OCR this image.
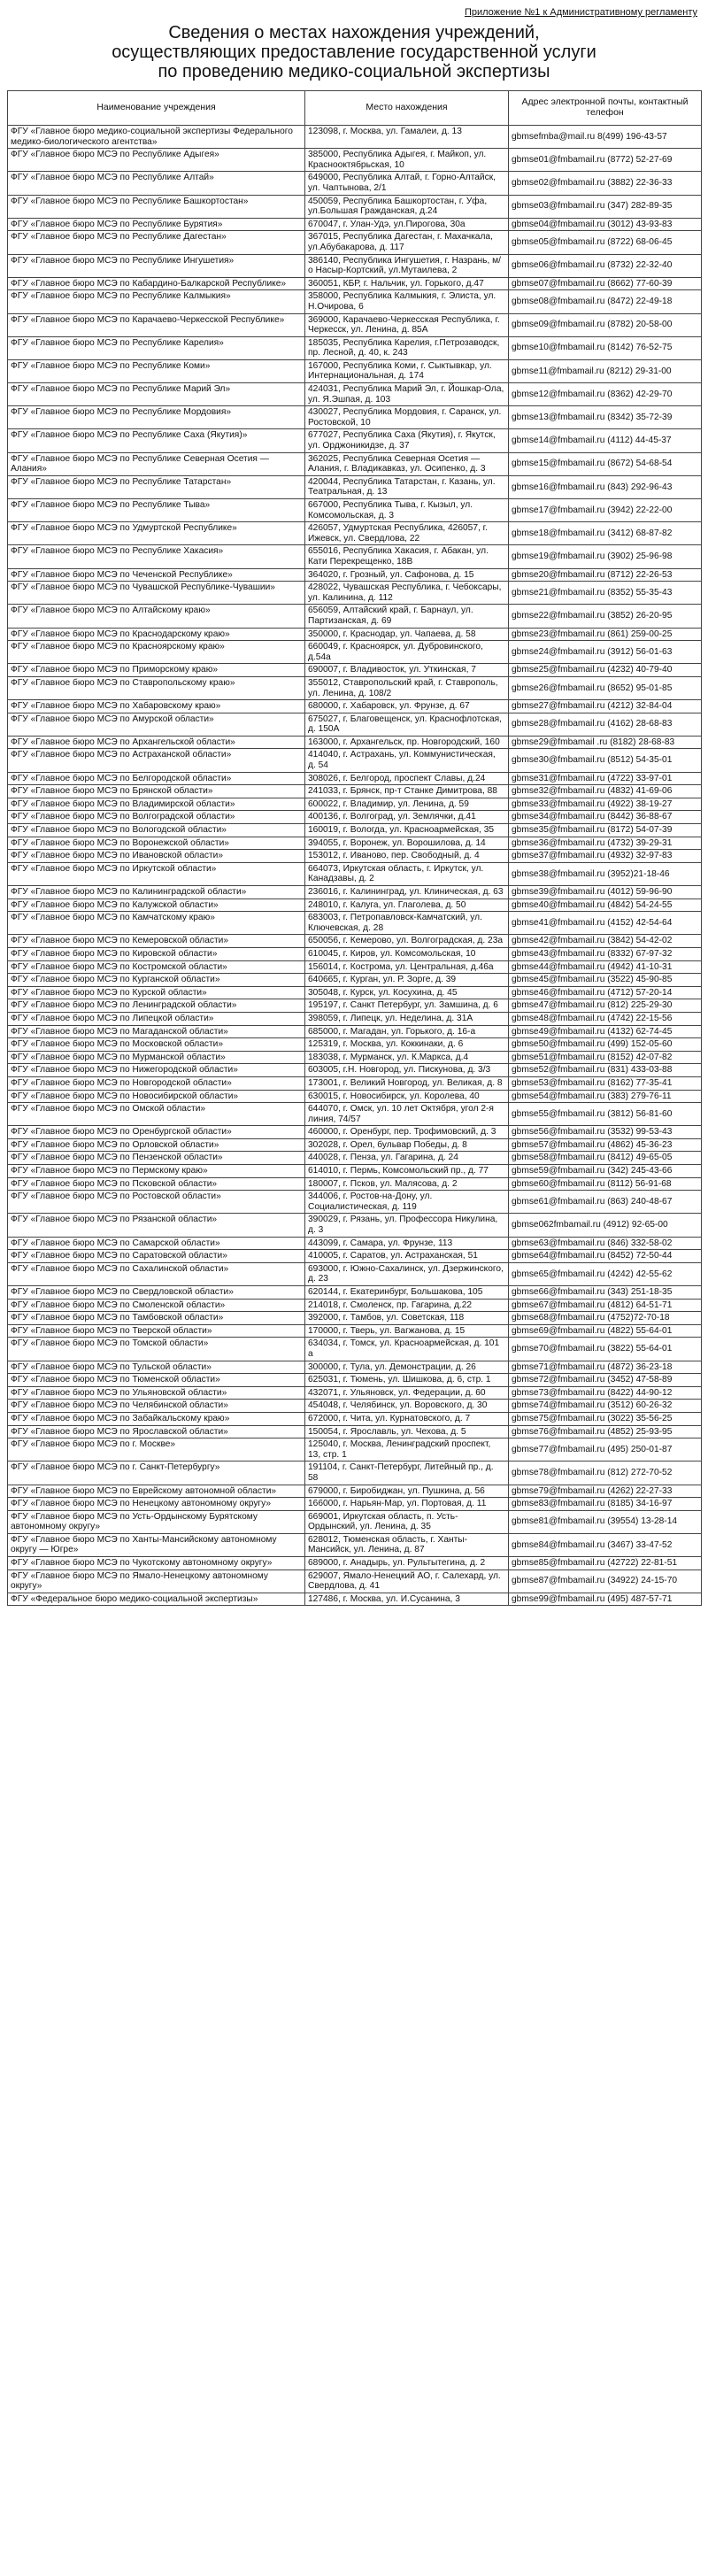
Приложение №1 к Административному регламенту
Сведения о местах нахождения учреждений,
осуществляющих предоставление государственной услуги
по проведению медико-социальной экспертизы
Наименование учреждения	Место нахождения	Адрес электронной почты, контактный телефон
ФГУ «Главное бюро медико-социальной экспертизы Федерального медико-биологического агентства»	123098, г. Москва, ул. Гамалеи, д. 13	gbmsefmba@mail.ru 8(499) 196-43-57
ФГУ «Главное бюро МСЭ по Республике Адыгея»	385000, Республика Адыгея, г. Майкоп, ул. Краснооктябрьская, 10	gbmse01@fmbamail.ru (8772) 52-27-69
ФГУ «Главное бюро МСЭ по Республике Алтай»	649000, Республика Алтай, г. Горно-Алтайск, ул. Чаптынова, 2/1	gbmse02@fmbamail.ru (3882) 22-36-33
ФГУ «Главное бюро МСЭ по Республике Башкортостан»	450059, Республика Башкортостан, г. Уфа, ул.Большая Гражданская, д.24	gbmse03@fmbamail.ru (347) 282-89-35
ФГУ «Главное бюро МСЭ по Республике Бурятия»	670047, г. Улан-Удэ, ул.Пирогова, 30а	gbmse04@fmbamail.ru (3012) 43-93-83
ФГУ «Главное бюро МСЭ по Республике Дагестан»	367015, Республика Дагестан, г. Махачкала, ул.Абубакарова, д. 117	gbmse05@fmbamail.ru (8722) 68-06-45
ФГУ «Главное бюро МСЭ по Республике Ингушетия»	386140, Республика Ингушетия, г. Назрань, м/о Насыр-Кортский, ул.Мутаилева, 2	gbmse06@fmbamail.ru (8732) 22-32-40
ФГУ «Главное бюро МСЭ по Кабардино-Балкарской Республике»	360051, КБР, г. Нальчик, ул. Горького, д.47	gbmse07@fmbamail.ru (8662) 77-60-39
ФГУ «Главное бюро МСЭ по Республике Калмыкия»	358000, Республика Калмыкия, г. Элиста, ул. Н.Очирова, 6	gbmse08@fmbamail.ru (8472) 22-49-18
ФГУ «Главное бюро МСЭ по Карачаево-Черкесской Республике»	369000, Карачаево-Черкесская Республика, г. Черкесск, ул. Ленина, д. 85А	gbmse09@fmbamail.ru (8782) 20-58-00
ФГУ «Главное бюро МСЭ по Республике Карелия»	185035, Республика Карелия, г.Петрозаводск, пр. Лесной, д. 40, к. 243	gbmse10@fmbamail.ru (8142) 76-52-75
ФГУ «Главное бюро МСЭ по Республике Коми»	167000, Республика Коми, г. Сыктывкар, ул. Интернациональная, д. 174	gbmse11@fmbamail.ru (8212) 29-31-00
ФГУ «Главное бюро МСЭ по Республике Марий Эл»	424031, Республика Марий Эл, г. Йошкар-Ола, ул. Я.Эшпая, д. 103	gbmse12@fmbamail.ru (8362) 42-29-70
ФГУ «Главное бюро МСЭ по Республике Мордовия»	430027, Республика Мордовия, г. Саранск, ул. Ростовской, 10	gbmse13@fmbamail.ru (8342) 35-72-39
ФГУ «Главное бюро МСЭ по Республике Саха (Якутия)»	677027, Республика Саха (Якутия), г. Якутск, ул. Орджоникидзе, д. 37	gbmse14@fmbamail.ru (4112) 44-45-37
ФГУ «Главное бюро МСЭ по Республике Северная Осетия — Алания»	362025, Республика Северная Осетия — Алания, г. Владикавказ, ул. Осипенко, д. 3	gbmse15@fmbamail.ru (8672) 54-68-54
ФГУ «Главное бюро МСЭ по Республике Татарстан»	420044, Республика Татарстан, г. Казань, ул. Театральная, д. 13	gbmse16@fmbamail.ru (843) 292-96-43
ФГУ «Главное бюро МСЭ по Республике Тыва»	667000, Республика Тыва, г. Кызыл, ул. Комсомольская, д. 3	gbmse17@fmbamail.ru (3942) 22-22-00
ФГУ «Главное бюро МСЭ по Удмуртской Республике»	426057, Удмуртская Республика, 426057, г. Ижевск, ул. Свердлова, 22	gbmse18@fmbamail.ru (3412) 68-87-82
ФГУ «Главное бюро МСЭ по Республике Хакасия»	655016, Республика Хакасия, г. Абакан, ул. Кати Перекрещенко, 18В	gbmse19@fmbamail.ru (3902) 25-96-98
ФГУ «Главное бюро МСЭ по Чеченской Республике»	364020, г. Грозный, ул. Сафонова, д. 15	gbmse20@fmbamail.ru (8712) 22-26-53
ФГУ «Главное бюро МСЭ по Чувашской Республике-Чувашии»	428022, Чувашская Республика, г. Чебоксары, ул. Калинина, д. 112	gbmse21@fmbamail.ru (8352) 55-35-43
ФГУ «Главное бюро МСЭ по Алтайскому краю»	656059, Алтайский край, г. Барнаул, ул. Партизанская, д. 69	gbmse22@fmbamail.ru (3852) 26-20-95
ФГУ «Главное бюро МСЭ по Краснодарскому краю»	350000, г. Краснодар, ул. Чапаева, д. 58	gbmse23@fmbamail.ru (861) 259-00-25
ФГУ «Главное бюро МСЭ по Красноярскому краю»	660049, г. Красноярск, ул. Дубровинского, д.54а	gbmse24@fmbamail.ru (3912) 56-01-63
ФГУ «Главное бюро МСЭ по Приморскому краю»	690007, г. Владивосток, ул. Уткинская, 7	gbmse25@fmbamail.ru (4232) 40-79-40
ФГУ «Главное бюро МСЭ по Ставропольскому краю»	355012, Ставропольский край, г. Ставрополь, ул. Ленина, д. 108/2	gbmse26@fmbamail.ru (8652) 95-01-85
ФГУ «Главное бюро МСЭ по Хабаровскому краю»	680000, г. Хабаровск, ул. Фрунзе, д. 67	gbmse27@fmbamail.ru (4212) 32-84-04
ФГУ «Главное бюро МСЭ по Амурской области»	675027, г. Благовещенск, ул. Краснофлотская, д. 150А	gbmse28@fmbamail.ru (4162) 28-68-83
ФГУ «Главное бюро МСЭ по Архангельской области»	163000, г. Архангельск, пр. Новгородский, 160	gbmse29@fmbamail .ru (8182) 28-68-83
ФГУ «Главное бюро МСЭ по Астраханской области»	414040, г. Астрахань, ул. Коммунистическая, д. 54	gbmse30@fmbamail.ru (8512) 54-35-01
ФГУ «Главное бюро МСЭ по Белгородской области»	308026, г. Белгород, проспект Славы, д.24	gbmse31@fmbamail.ru (4722) 33-97-01
ФГУ «Главное бюро МСЭ по Брянской области»	241033, г. Брянск, пр-т Станке Димитрова, 88	gbmse32@fmbamail.ru (4832) 41-69-06
ФГУ «Главное бюро МСЭ по Владимирской области»	600022, г. Владимир, ул. Ленина, д. 59	gbmse33@fmbamail.ru (4922) 38-19-27
ФГУ «Главное бюро МСЭ по Волгоградской области»	400136, г. Волгоград, ул. Землячки, д.41	gbmse34@fmbamail.ru (8442) 36-88-67
ФГУ «Главное бюро МСЭ по Вологодской области»	160019, г. Вологда, ул. Красноармейская, 35	gbmse35@fmbamail.ru (8172) 54-07-39
ФГУ «Главное бюро МСЭ по Воронежской области»	394055, г. Воронеж, ул. Ворошилова, д. 14	gbmse36@fmbamail.ru (4732) 39-29-31
ФГУ «Главное бюро МСЭ по Ивановской области»	153012, г. Иваново, пер. Свободный, д. 4	gbmse37@fmbamail.ru (4932) 32-97-83
ФГУ «Главное бюро МСЭ по Иркутской области»	664073, Иркутская область, г. Иркутск, ул. Канадзавы, д. 2	gbmse38@fmbamail.ru (3952)21-18-46
ФГУ «Главное бюро МСЭ по Калининградской области»	236016, г. Калининград, ул. Клиническая, д. 63	gbmse39@fmbamail.ru (4012) 59-96-90
ФГУ «Главное бюро МСЭ по Калужской области»	248010, г. Калуга, ул. Глаголева, д. 50	gbmse40@fmbamail.ru (4842) 54-24-55
ФГУ «Главное бюро МСЭ по Камчатскому краю»	683003, г. Петропавловск-Камчатский, ул. Ключевская, д. 28	gbmse41@fmbamail.ru (4152) 42-54-64
ФГУ «Главное бюро МСЭ по Кемеровской области»	650056, г. Кемерово, ул. Волгоградская, д. 23а	gbmse42@fmbamail.ru (3842) 54-42-02
ФГУ «Главное бюро МСЭ по Кировской области»	610045, г. Киров, ул. Комсомольская, 10	gbmse43@fmbamail.ru (8332) 67-97-32
ФГУ «Главное бюро МСЭ по Костромской области»	156014, г. Кострома, ул. Центральная, д.46а	gbmse44@fmbamail.ru (4942) 41-10-31
ФГУ «Главное бюро МСЭ по Курганской области»	640665, г. Курган, ул. Р. Зорге, д. 39	gbmse45@fmbamail.ru (3522) 45-90-85
ФГУ «Главное бюро МСЭ по Курской области»	305048, г. Курск, ул. Косухина, д. 45	gbmse46@fmbamail.ru (4712) 57-20-14
ФГУ «Главное бюро МСЭ по Ленинградской области»	195197, г. Санкт Петербург, ул. Замшина, д. 6	gbmse47@fmbamail.ru (812) 225-29-30
ФГУ «Главное бюро МСЭ по Липецкой области»	398059, г. Липецк, ул. Неделина, д. 31А	gbmse48@fmbamail.ru (4742) 22-15-56
ФГУ «Главное бюро МСЭ по Магаданской области»	685000, г. Магадан, ул. Горького, д. 16-а	gbmse49@fmbamail.ru (4132) 62-74-45
ФГУ «Главное бюро МСЭ по Московской области»	125319, г. Москва, ул. Коккинаки, д. 6	gbmse50@fmbamail.ru (499) 152-05-60
ФГУ «Главное бюро МСЭ по Мурманской области»	183038, г. Мурманск, ул. К.Маркса, д.4	gbmse51@fmbamail.ru (8152) 42-07-82
ФГУ «Главное бюро МСЭ по Нижегородской области»	603005, г.Н. Новгород, ул. Пискунова, д. 3/3	gbmse52@fmbamail.ru (831) 433-03-88
ФГУ «Главное бюро МСЭ по Новгородской области»	173001, г. Великий Новгород, ул. Великая, д. 8	gbmse53@fmbamail.ru (8162) 77-35-41
ФГУ «Главное бюро МСЭ по Новосибирской области»	630015, г. Новосибирск, ул. Королева, 40	gbmse54@fmbamail.ru (383) 279-76-11
ФГУ «Главное бюро МСЭ по Омской области»	644070, г. Омск, ул. 10 лет Октября, угол 2-я линия, 74/57	gbmse55@fmbamail.ru (3812) 56-81-60
ФГУ «Главное бюро МСЭ по Оренбургской области»	460000, г. Оренбург, пер. Трофимовский, д. 3	gbmse56@fmbamail.ru (3532) 99-53-43
ФГУ «Главное бюро МСЭ по Орловской области»	302028, г. Орел, бульвар Победы, д. 8	gbmse57@fmbamail.ru (4862) 45-36-23
ФГУ «Главное бюро МСЭ по Пензенской области»	440028, г. Пенза, ул. Гагарина, д. 24	gbmse58@fmbamail.ru (8412) 49-65-05
ФГУ «Главное бюро МСЭ по Пермскому краю»	614010, г. Пермь, Комсомольский пр., д. 77	gbmse59@fmbamail.ru (342) 245-43-66
ФГУ «Главное бюро МСЭ по Псковской области»	180007, г. Псков, ул. Малясова, д. 2	gbmse60@fmbamail.ru (8112) 56-91-68
ФГУ «Главное бюро МСЭ по Ростовской области»	344006, г. Ростов-на-Дону, ул. Социалистическая, д. 119	gbmse61@fmbamail.ru (863) 240-48-67
ФГУ «Главное бюро МСЭ по Рязанской области»	390029, г. Рязань, ул. Профессора Никулина, д. 3	gbmse062fmbamail.ru (4912) 92-65-00
ФГУ «Главное бюро МСЭ по Самарской области»	443099, г. Самара, ул. Фрунзе, 113	gbmse63@fmbamail.ru (846) 332-58-02
ФГУ «Главное бюро МСЭ по Саратовской области»	410005, г. Саратов, ул. Астраханская, 51	gbmse64@fmbamail.ru (8452) 72-50-44
ФГУ «Главное бюро МСЭ по Сахалинской области»	693000, г. Южно-Сахалинск, ул. Дзержинского, д. 23	gbmse65@fmbamail.ru (4242) 42-55-62
ФГУ «Главное бюро МСЭ по Свердловской области»	620144, г. Екатеринбург, Большакова, 105	gbmse66@fmbamail.ru (343) 251-18-35
ФГУ «Главное бюро МСЭ по Смоленской области»	214018, г. Смоленск, пр. Гагарина, д.22	gbmse67@fmbamail.ru (4812) 64-51-71
ФГУ «Главное бюро МСЭ по Тамбовской области»	392000, г. Тамбов, ул. Советская, 118	gbmse68@fmbamail.ru (4752)72-70-18
ФГУ «Главное бюро МСЭ по Тверской области»	170000, г. Тверь, ул. Вагжанова, д. 15	gbmse69@fmbamail.ru (4822) 55-64-01
ФГУ «Главное бюро МСЭ по Томской области»	634034, г. Томск, ул. Красноармейская, д. 101 а	gbmse70@fmbamail.ru (3822) 55-64-01
ФГУ «Главное бюро МСЭ по Тульской области»	300000, г. Тула, ул. Демонстрации, д. 26	gbmse71@fmbamail.ru (4872) 36-23-18
ФГУ «Главное бюро МСЭ по Тюменской области»	625031, г. Тюмень, ул. Шишкова, д. 6, стр. 1	gbmse72@fmbamail.ru (3452) 47-58-89
ФГУ «Главное бюро МСЭ по Ульяновской области»	432071, г. Ульяновск, ул. Федерации, д. 60	gbmse73@fmbamail.ru (8422) 44-90-12
ФГУ «Главное бюро МСЭ по Челябинской области»	454048, г. Челябинск, ул. Воровского, д. 30	gbmse74@fmbamail.ru (3512) 60-26-32
ФГУ «Главное бюро МСЭ по Забайкальскому краю»	672000, г. Чита, ул. Курнатовского, д. 7	gbmse75@fmbamail.ru (3022) 35-56-25
ФГУ «Главное бюро МСЭ по Ярославской области»	150054, г. Ярославль, ул. Чехова, д. 5	gbmse76@fmbamail.ru (4852) 25-93-95
ФГУ «Главное бюро МСЭ по г. Москве»	125040, г. Москва, Ленинградский проспект, 13, стр. 1	gbmse77@fmbamail.ru (495) 250-01-87
ФГУ «Главное бюро МСЭ по г. Санкт-Петербургу»	191104, г. Санкт-Петербург, Литейный пр., д. 58	gbmse78@fmbamail.ru (812) 272-70-52
ФГУ «Главное бюро МСЭ по Еврейскому автономной области»	679000, г. Биробиджан, ул. Пушкина, д. 56	gbmse79@fmbamail.ru (4262) 22-27-33
ФГУ «Главное бюро МСЭ по Ненецкому автономному округу»	166000, г. Нарьян-Мар, ул. Портовая, д. 11	gbmse83@fmbamail.ru (8185) 34-16-97
ФГУ «Главное бюро МСЭ по Усть-Ордынскому Бурятскому автономному округу»	669001, Иркутская область, п. Усть-Ордынский, ул. Ленина, д. 35	gbmse81@fmbamail.ru (39554) 13-28-14
ФГУ «Главное бюро МСЭ по Ханты-Мансийскому автономному округу — Югре»	628012, Тюменская область, г. Ханты-Мансийск, ул. Ленина, д. 87	gbmse84@fmbamail.ru (3467) 33-47-52
ФГУ «Главное бюро МСЭ по Чукотскому автономному округу»	689000, г. Анадырь, ул. Рультытегина, д. 2	gbmse85@fmbamail.ru (42722) 22-81-51
ФГУ «Главное бюро МСЭ по Ямало-Ненецкому автономному округу»	629007, Ямало-Ненецкий АО, г. Салехард, ул. Свердлова, д. 41	gbmse87@fmbamail.ru (34922) 24-15-70
ФГУ «Федеральное бюро медико-социальной экспертизы»	127486, г. Москва, ул. И.Сусанина, 3	gbmse99@fmbamail.ru (495) 487-57-71
